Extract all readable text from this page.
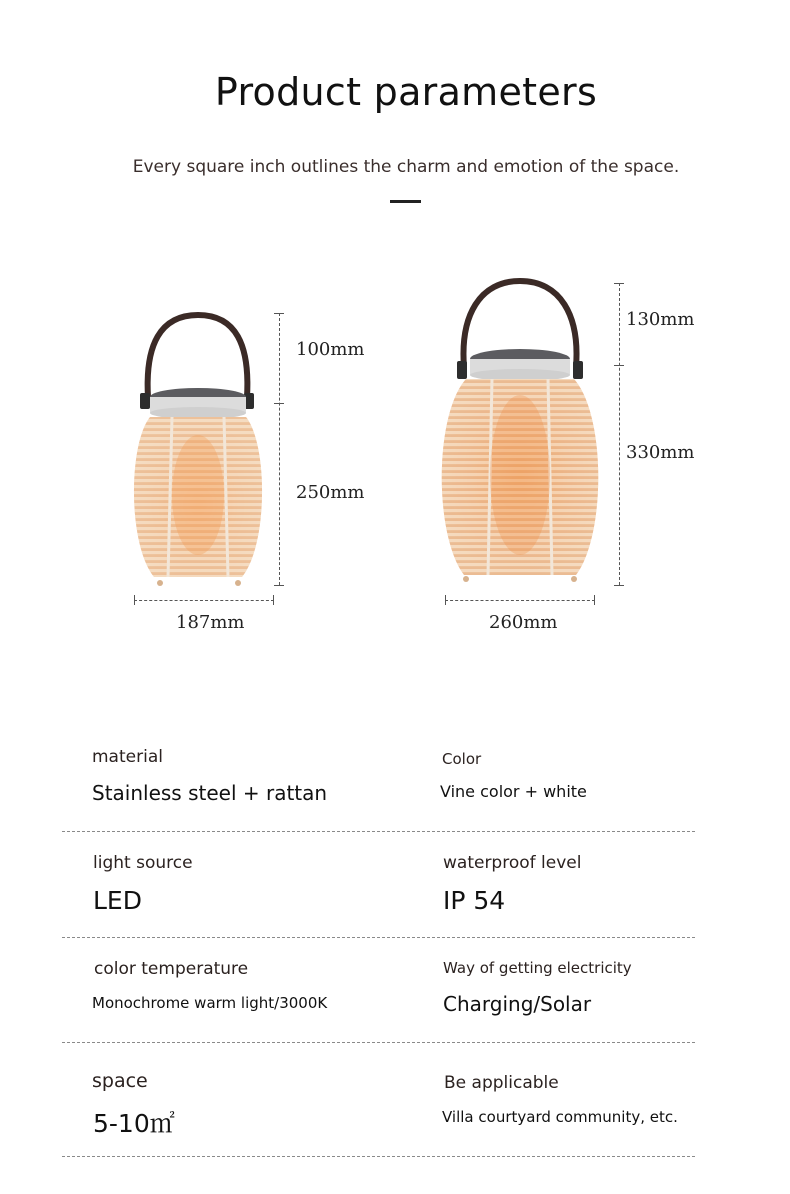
Product parameters
Every square inch outlines the charm and emotion of the space.
100mm
250mm
187mm
130mm
330mm
260mm
material
Stainless steel + rattan
Color
Vine color + white
light source
LED
waterproof level
IP 54
color temperature
Monochrome warm light/3000K
Way of getting electricity
Charging/Solar
space
5-10㎡
Be applicable
Villa courtyard community, etc.
